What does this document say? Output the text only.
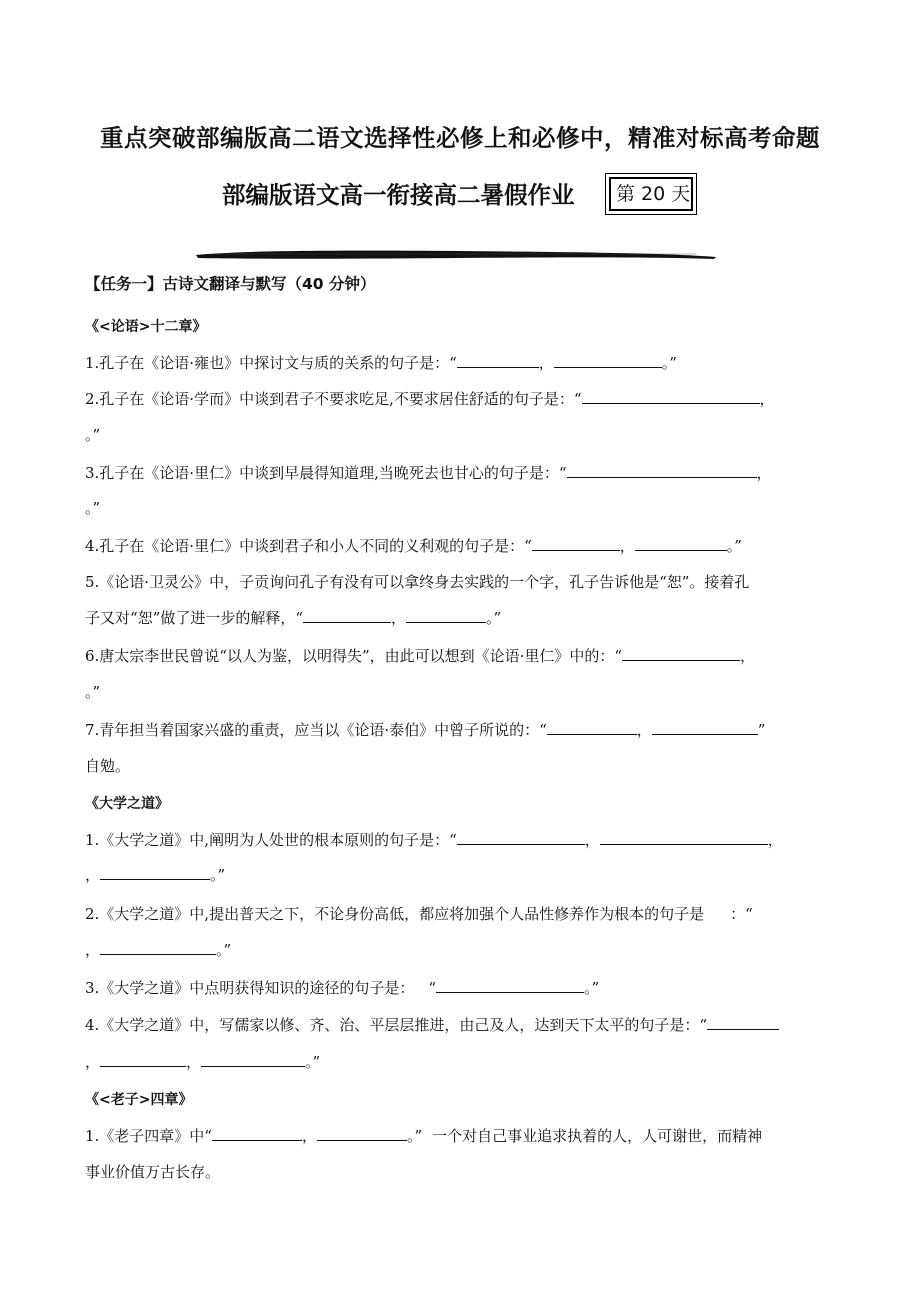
重点突破部编版高二语文选择性必修上和必修中，精准对标高考命题
部编版语文高一衔接高二暑假作业	第 20 天
【任务一】古诗文翻译与默写（40 分钟）
《<论语>十二章》
1.孔子在《论语·雍也》中探讨文与质的关系的句子是：“	，	。”
2.孔子在《论语·学而》中谈到君子不要求吃足,不要求居住舒适的句子是：“	，
。”
3.孔子在《论语·里仁》中谈到早晨得知道理,当晚死去也甘心的句子是：“	，
。”
4.孔子在《论语·里仁》中谈到君子和小人不同的义利观的句子是：“	，	。”
5.《论语·卫灵公》中，子贡询问孔子有没有可以拿终身去实践的一个字，孔子告诉他是“恕”。接着孔
子又对“恕”做了进一步的解释，“	，	。”
6.唐太宗李世民曾说“以人为鉴，以明得失”，由此可以想到《论语·里仁》中的：“	，
。”
7.青年担当着国家兴盛的重责，应当以《论语·泰伯》中曾子所说的：“	，	”
自勉。
《大学之道》
1.《大学之道》中,阐明为人处世的根本原则的句子是：“	，	，
，	。”
2.《大学之道》中,提出普天之下，不论身份高低，都应将加强个人品性修养作为根本的句子是 ：“
，	。”
3.《大学之道》中点明获得知识的途径的句子是： “	。”
4.《大学之道》中，写儒家以修、齐、治、平层层推进，由己及人，达到天下太平的句子是：“
，	，	。”
《<老子>四章》
1.《老子四章》中“	，	。” 一个对自己事业追求执着的人，人可谢世，而精神
事业价值万古长存。
